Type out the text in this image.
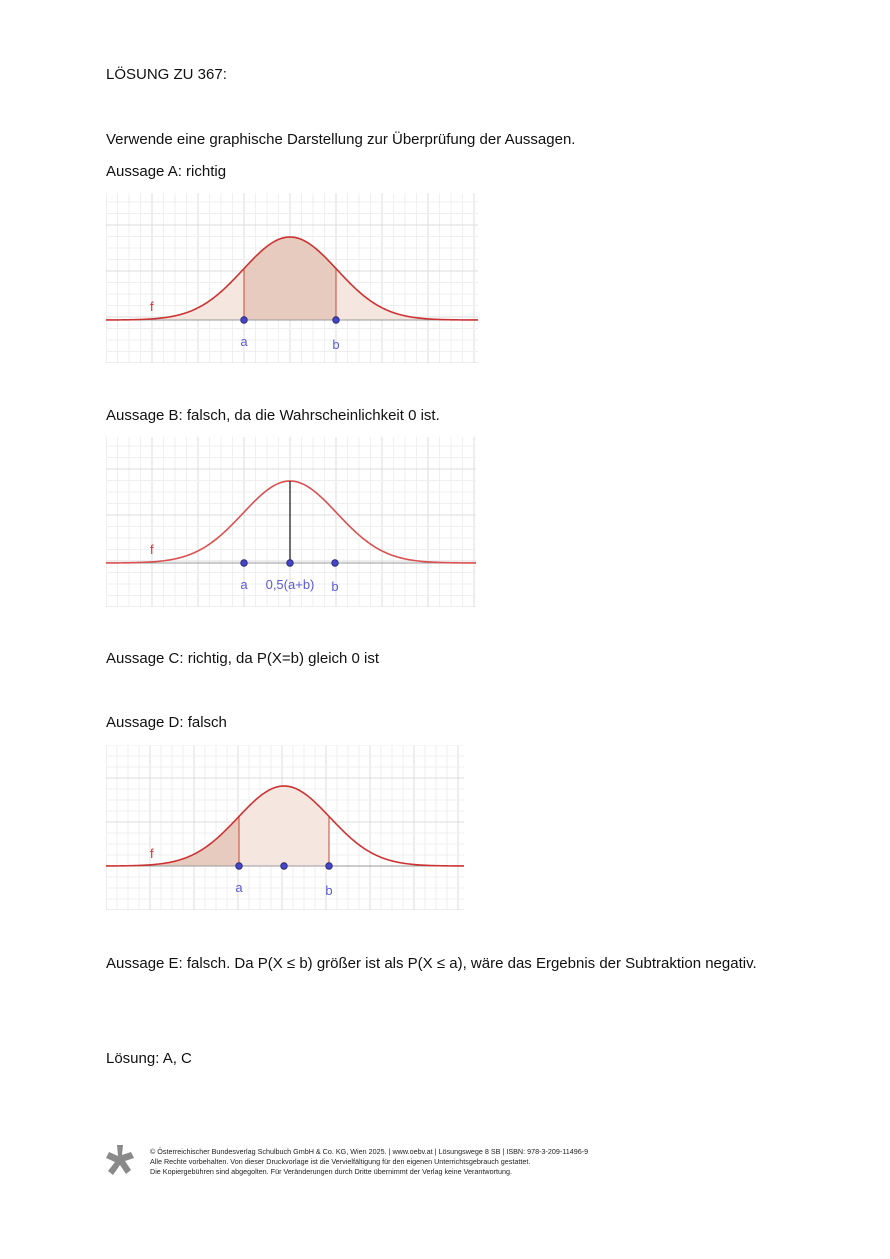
LÖSUNG ZU 367:
Verwende eine graphische Darstellung zur Überprüfung der Aussagen.
Aussage A: richtig
f
a	b
Aussage B: falsch, da die Wahrscheinlichkeit 0 ist.
f
a 0,5(a+b) b
Aussage C: richtig, da P(X=b) gleich 0 ist
Aussage D: falsch
f
a	b
Aussage E: falsch. Da P(X ≤ b) größer ist als P(X ≤ a), wäre das Ergebnis der Subtraktion negativ.
Lösung: A, C
© Österreichischer Bundesverlag Schulbuch GmbH & Co. KG, Wien 2025. | www.oebv.at | Lösungswege 8 SB | ISBN: 978-3-209-11496-9
Alle Rechte vorbehalten. Von dieser Druckvorlage ist die Vervielfältigung für den eigenen Unterrichtsgebrauch gestattet.
Die Kopiergebühren sind abgegolten. Für Veränderungen durch Dritte übernimmt der Verlag keine Verantwortung.
